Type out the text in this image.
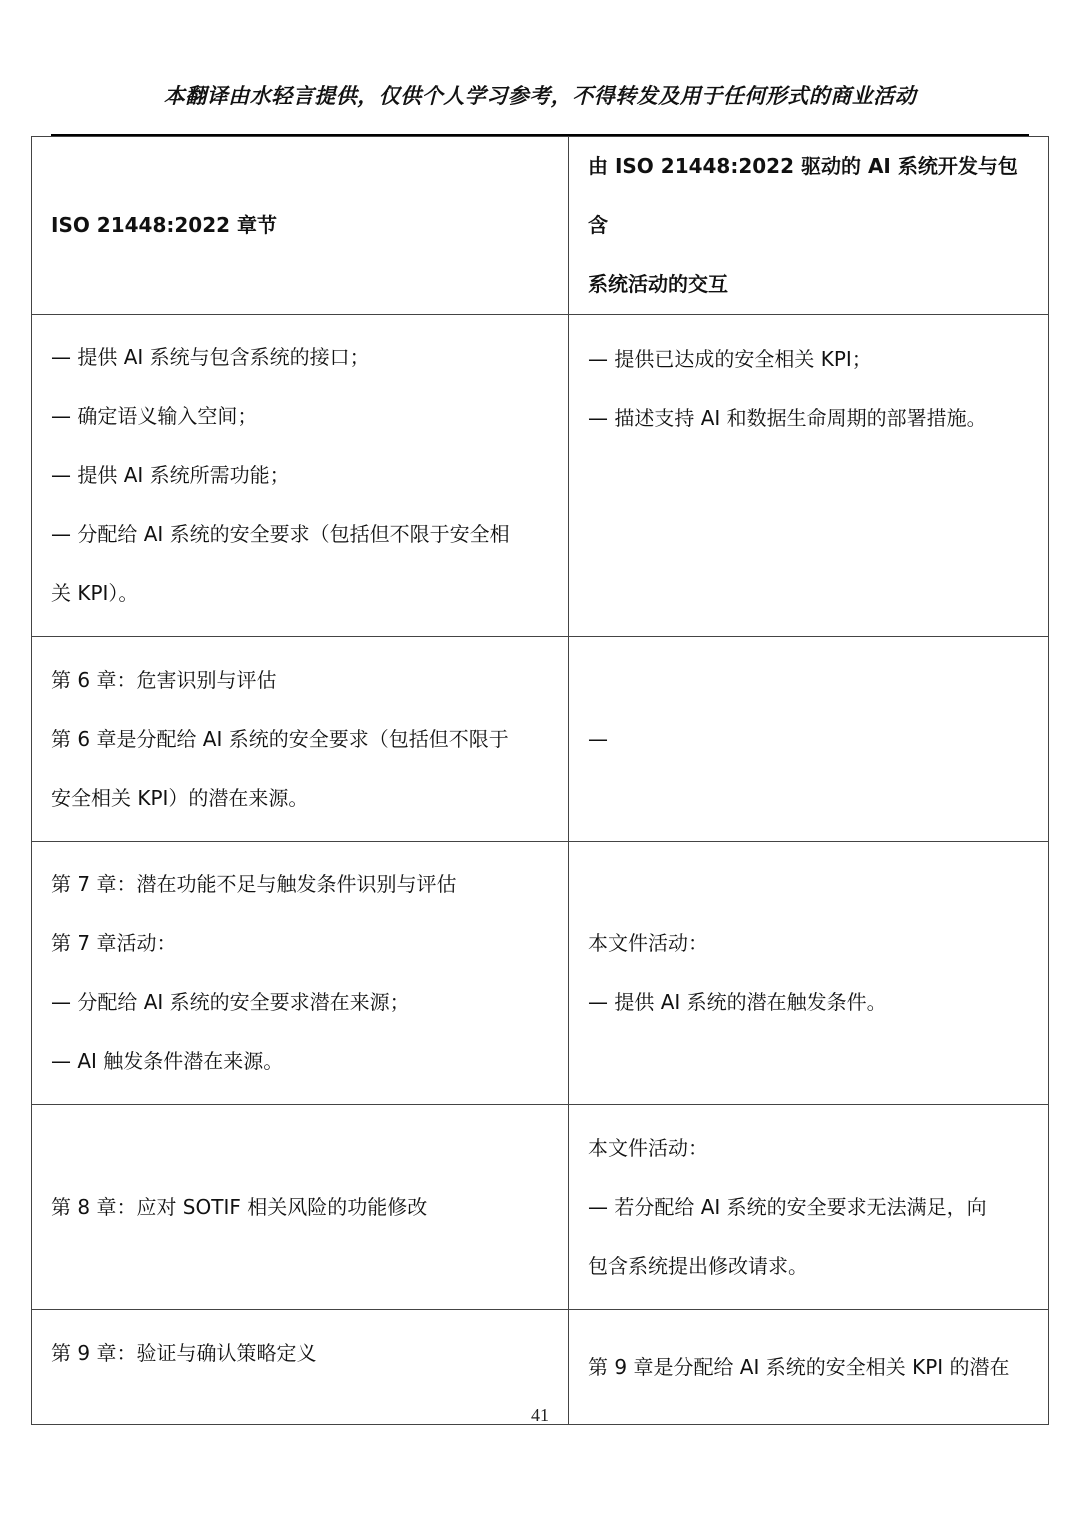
本翻译由水轻言提供，仅供个人学习参考，不得转发及用于任何形式的商业活动
ISO 21448:2022 章节	由 ISO 21448:2022 驱动的 AI 系统开发与包含
系统活动的交互

— 提供 AI 系统与包含系统的接口；
— 确定语义输入空间；
— 提供 AI 系统所需功能；
— 分配给 AI 系统的安全要求（包括但不限于安全相
关 KPI）。	— 提供已达成的安全相关 KPI；
— 描述支持 AI 和数据生命周期的部署措施。

第 6 章：危害识别与评估
第 6 章是分配给 AI 系统的安全要求（包括但不限于
安全相关 KPI）的潜在来源。	—

第 7 章：潜在功能不足与触发条件识别与评估
第 7 章活动：
— 分配给 AI 系统的安全要求潜在来源；
— AI 触发条件潜在来源。	本文件活动：
— 提供 AI 系统的潜在触发条件。

第 8 章：应对 SOTIF 相关风险的功能修改	本文件活动：
— 若分配给 AI 系统的安全要求无法满足，向
包含系统提出修改请求。

第 9 章：验证与确认策略定义	第 9 章是分配给 AI 系统的安全相关 KPI 的潜在
41
